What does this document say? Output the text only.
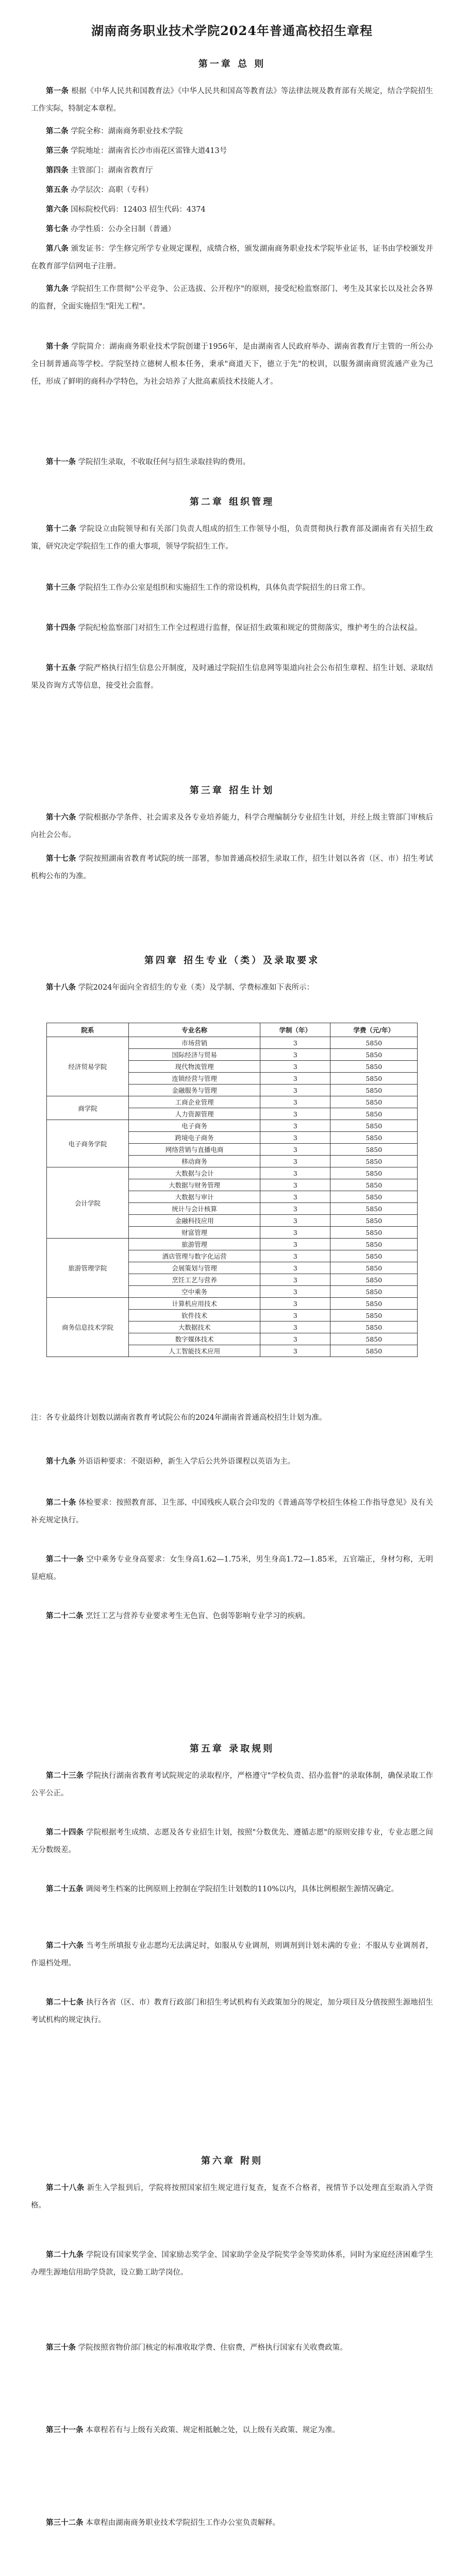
湖南商务职业技术学院2024年普通高校招生章程
第一章 总 则

第一条 根据《中华人民共和国教育法》《中华人民共和国高等教育法》等法律法规及教育部有关规定，结合学院招生工作实际，特制定本章程。

第二条 学院全称：湖南商务职业技术学院

第三条 学院地址：湖南省长沙市雨花区雷锋大道413号

第四条 主管部门：湖南省教育厅

第五条 办学层次：高职（专科）

第六条 国标院校代码：12403 招生代码：4374

第七条 办学性质：公办全日制（普通）

第八条 颁发证书：学生修完所学专业规定课程，成绩合格，颁发湖南商务职业技术学院毕业证书，证书由学校颁发并在教育部学信网电子注册。

第九条 学院招生工作贯彻"公平竞争、公正选拔、公开程序"的原则，接受纪检监察部门、考生及其家长以及社会各界的监督，全面实施招生"阳光工程"。

第十条 学院简介：湖南商务职业技术学院创建于1956年，是由湖南省人民政府举办、湖南省教育厅主管的一所公办全日制普通高等学校。学院坚持立德树人根本任务，秉承"商道天下，德立于先"的校训，以服务湖南商贸流通产业为己任，形成了鲜明的商科办学特色，为社会培养了大批高素质技术技能人才。

第十一条 学院招生录取，不收取任何与招生录取挂钩的费用。

第二章 组织管理

第十二条 学院设立由院领导和有关部门负责人组成的招生工作领导小组，负责贯彻执行教育部及湖南省有关招生政策，研究决定学院招生工作的重大事项，领导学院招生工作。

第十三条 学院招生工作办公室是组织和实施招生工作的常设机构，具体负责学院招生的日常工作。

第十四条 学院纪检监察部门对招生工作全过程进行监督，保证招生政策和规定的贯彻落实，维护考生的合法权益。

第十五条 学院严格执行招生信息公开制度，及时通过学院招生信息网等渠道向社会公布招生章程、招生计划、录取结果及咨询方式等信息，接受社会监督。

第三章 招生计划

第十六条 学院根据办学条件、社会需求及各专业培养能力，科学合理编制分专业招生计划，并经上级主管部门审核后向社会公布。

第十七条 学院按照湖南省教育考试院的统一部署，参加普通高校招生录取工作，招生计划以各省（区、市）招生考试机构公布的为准。

第四章 招生专业（类）及录取要求

第十八条 学院2024年面向全省招生的专业（类）及学制、学费标准如下表所示：

院系	专业名称	学制（年）	学费（元/年）
经济贸易学院	市场营销	3	5850
	国际经济与贸易	3	5850
	现代物流管理	3	5850
	连锁经营与管理	3	5850
	金融服务与管理	3	5850
商学院	工商企业管理	3	5850
	人力资源管理	3	5850
电子商务学院	电子商务	3	5850
	跨境电子商务	3	5850
	网络营销与直播电商	3	5850
	移动商务	3	5850
会计学院	大数据与会计	3	5850
	大数据与财务管理	3	5850
	大数据与审计	3	5850
	统计与会计核算	3	5850
	金融科技应用	3	5850
	财富管理	3	5850
旅游管理学院	旅游管理	3	5850
	酒店管理与数字化运营	3	5850
	会展策划与管理	3	5850
	烹饪工艺与营养	3	5850
	空中乘务	3	5850
商务信息技术学院	计算机应用技术	3	5850
	软件技术	3	5850
	大数据技术	3	5850
	数字媒体技术	3	5850
	人工智能技术应用	3	5850

注：各专业最终计划数以湖南省教育考试院公布的2024年湖南省普通高校招生计划为准。

第十九条 外语语种要求：不限语种，新生入学后公共外语课程以英语为主。

第二十条 体检要求：按照教育部、卫生部、中国残疾人联合会印发的《普通高等学校招生体检工作指导意见》及有关补充规定执行。

第二十一条 空中乘务专业身高要求：女生身高1.62—1.75米，男生身高1.72—1.85米，五官端正，身材匀称，无明显疤痕。

第二十二条 烹饪工艺与营养专业要求考生无色盲、色弱等影响专业学习的疾病。

第五章 录取规则

第二十三条 学院执行湖南省教育考试院规定的录取程序，严格遵守"学校负责、招办监督"的录取体制，确保录取工作公平公正。

第二十四条 学院根据考生成绩、志愿及各专业招生计划，按照"分数优先、遵循志愿"的原则安排专业，专业志愿之间无分数级差。

第二十五条 调阅考生档案的比例原则上控制在学院招生计划数的110%以内，具体比例根据生源情况确定。

第二十六条 当考生所填报专业志愿均无法满足时，如服从专业调剂，则调剂到计划未满的专业；不服从专业调剂者，作退档处理。

第二十七条 执行各省（区、市）教育行政部门和招生考试机构有关政策加分的规定，加分项目及分值按照生源地招生考试机构的规定执行。

第六章 附则

第二十八条 新生入学报到后，学院将按照国家招生规定进行复查，复查不合格者，视情节予以处理直至取消入学资格。

第二十九条 学院设有国家奖学金、国家励志奖学金、国家助学金及学院奖学金等奖助体系，同时为家庭经济困难学生办理生源地信用助学贷款，设立勤工助学岗位。

第三十条 学院按照省物价部门核定的标准收取学费、住宿费，严格执行国家有关收费政策。

第三十一条 本章程若有与上级有关政策、规定相抵触之处，以上级有关政策、规定为准。

第三十二条 本章程由湖南商务职业技术学院招生工作办公室负责解释。
